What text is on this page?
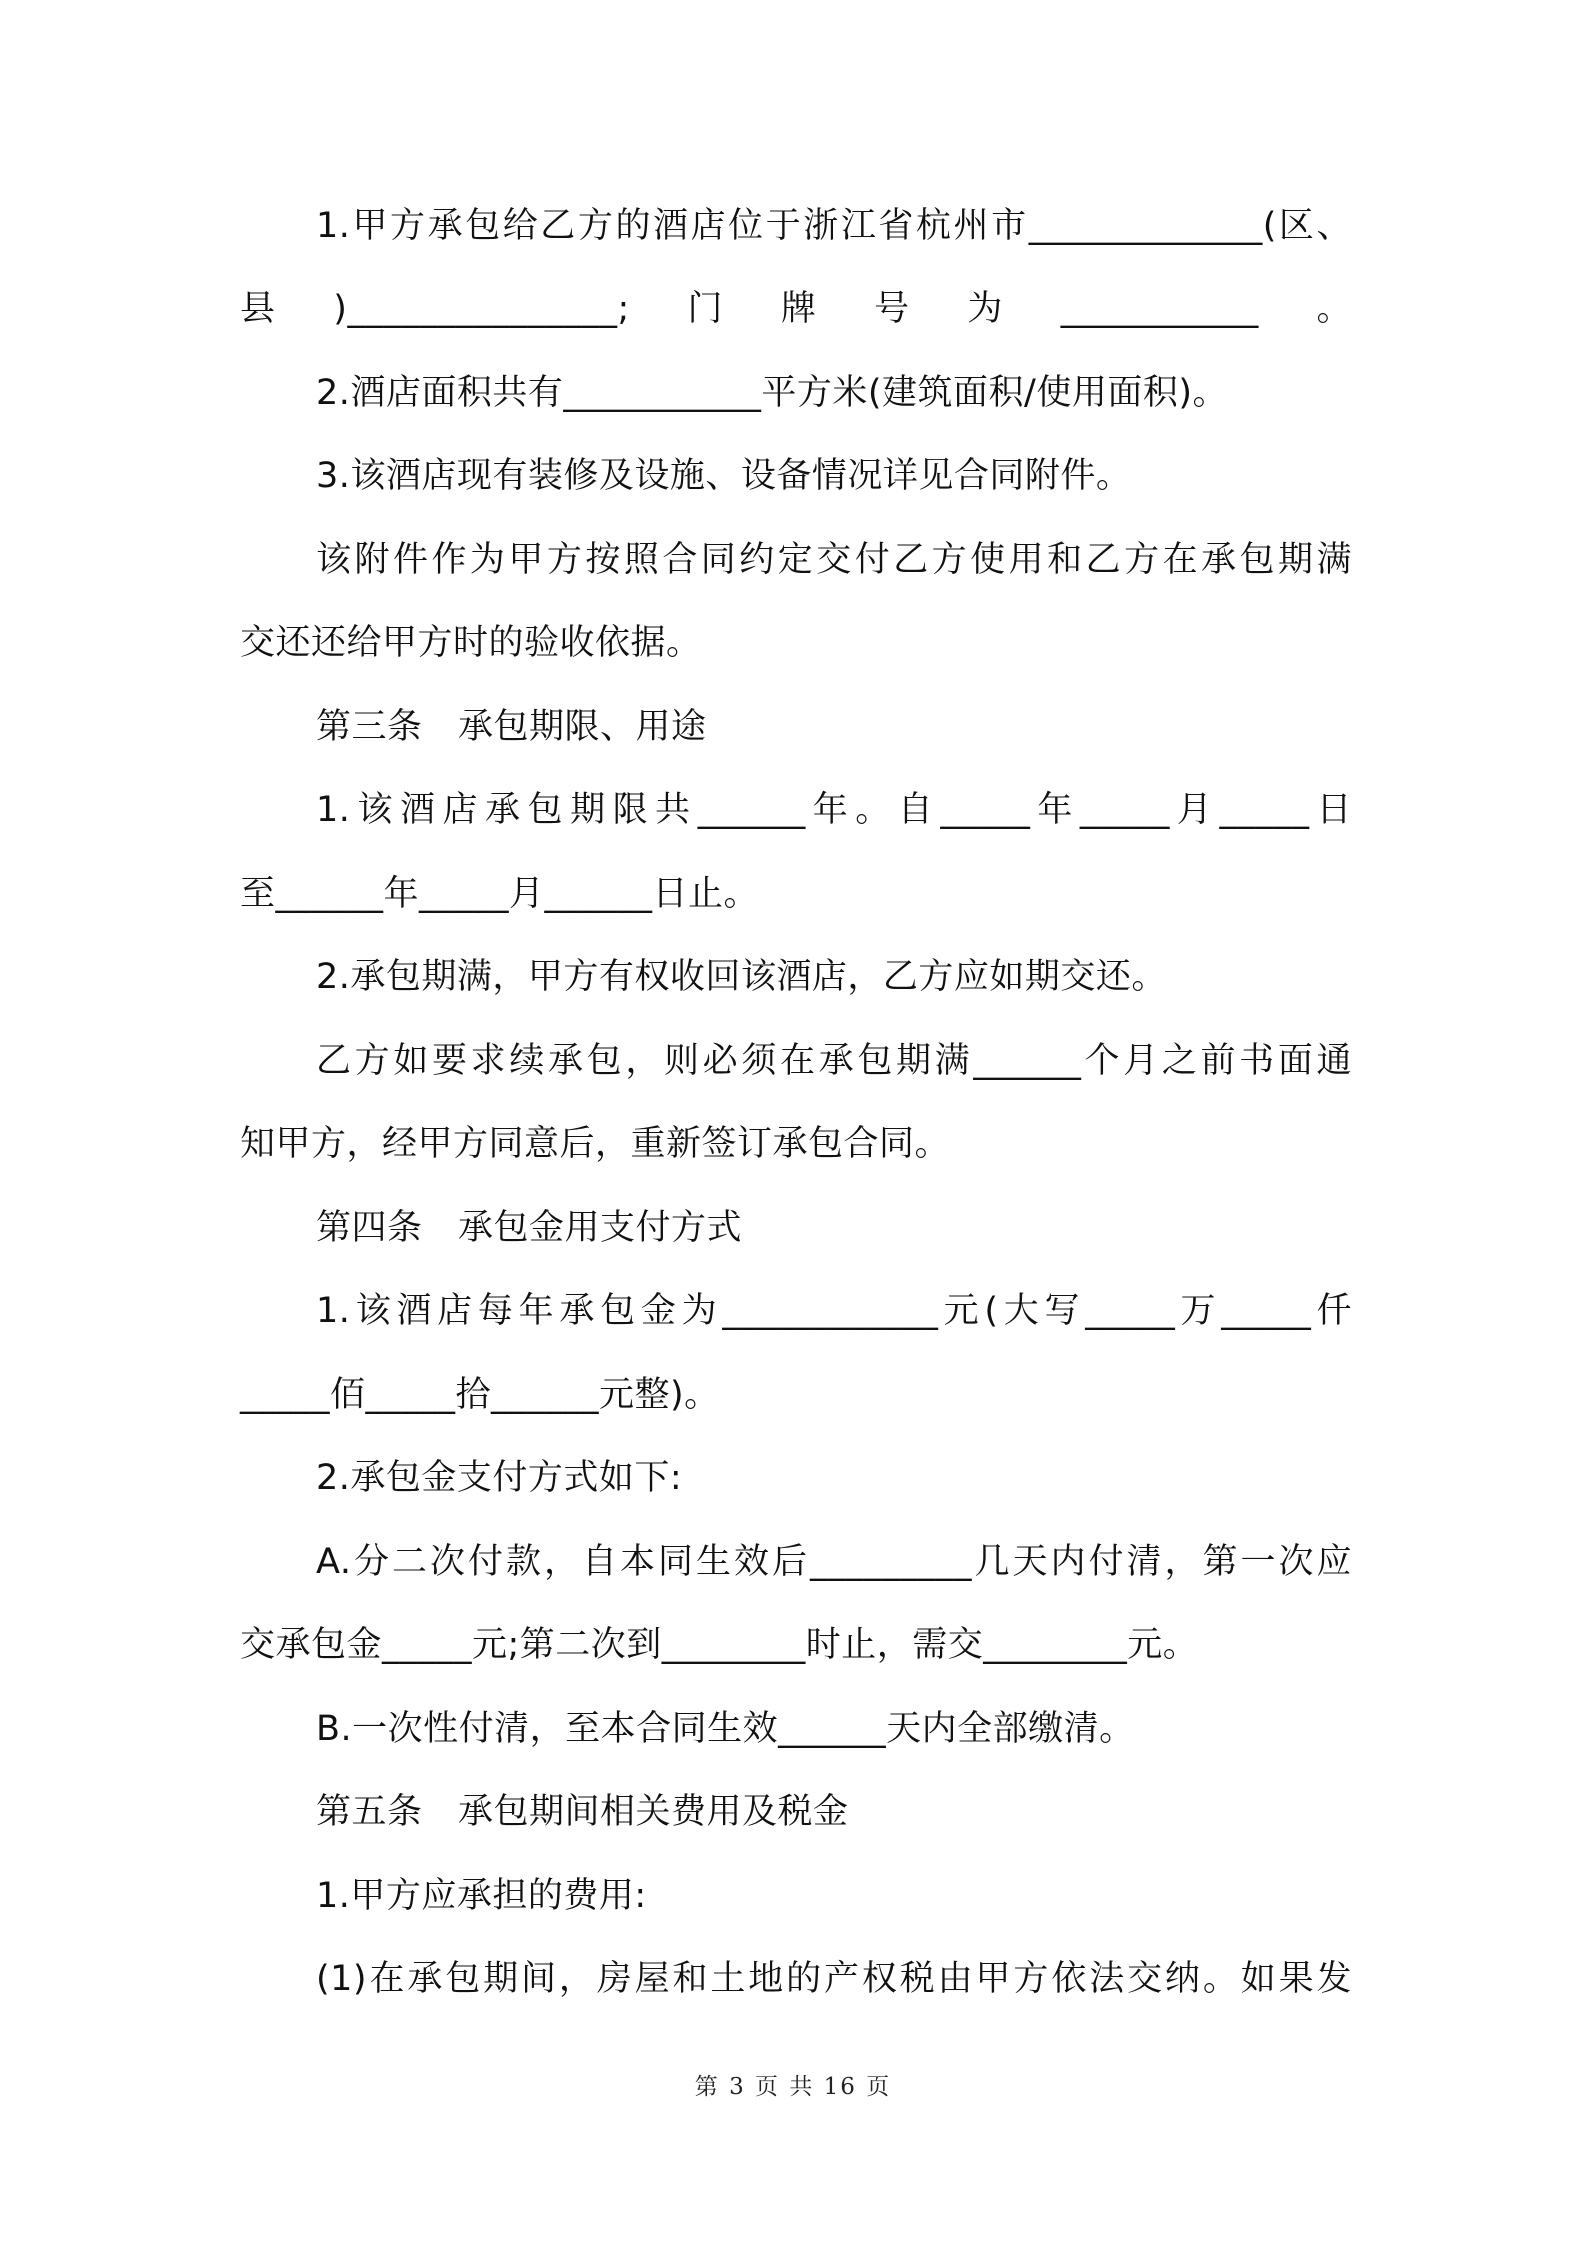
1.甲方承包给乙方的酒店位于浙江省杭州市_____________(区、
县)_______________;门牌号为___________。
2.酒店面积共有___________平方米(建筑面积/使用面积)。
3.该酒店现有装修及设施、设备情况详见合同附件。
该附件作为甲方按照合同约定交付乙方使用和乙方在承包期满
交还还给甲方时的验收依据。
第三条　承包期限、用途
1.该酒店承包期限共______年。自_____年_____月_____日
至______年_____月______日止。
2.承包期满，甲方有权收回该酒店，乙方应如期交还。
乙方如要求续承包，则必须在承包期满______个月之前书面通
知甲方，经甲方同意后，重新签订承包合同。
第四条　承包金用支付方式
1.该酒店每年承包金为____________元(大写_____万_____仟
_____佰_____拾______元整)。
2.承包金支付方式如下:
A.分二次付款，自本同生效后_________几天内付清，第一次应
交承包金_____元;第二次到________时止，需交________元。
B.一次性付清，至本合同生效______天内全部缴清。
第五条　承包期间相关费用及税金
1.甲方应承担的费用:
(1)在承包期间，房屋和土地的产权税由甲方依法交纳。如果发
第 3 页 共 16 页
